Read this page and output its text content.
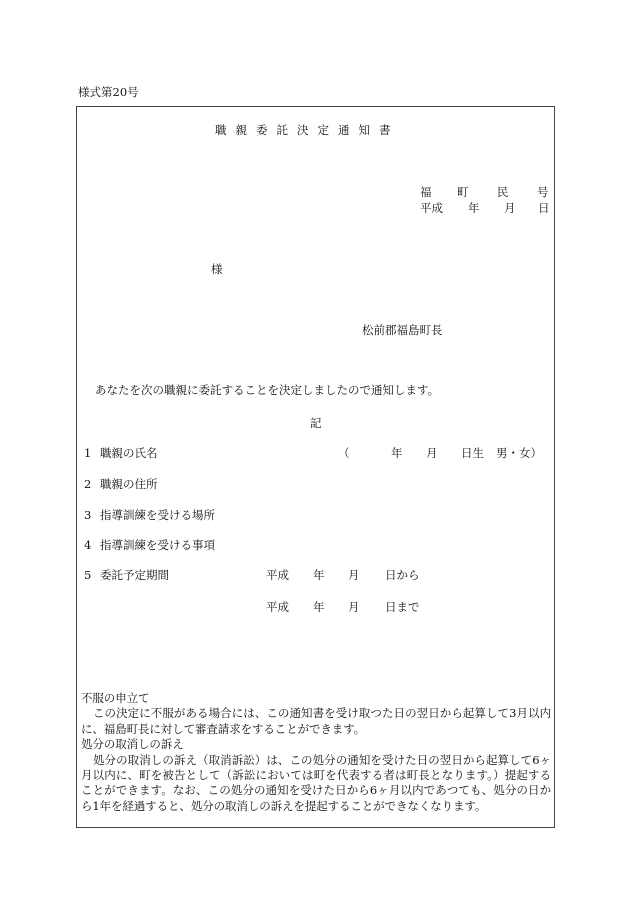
様式第20号
職親委託決定通知書
福 町 民 号
平成 年 月 日
様
松前郡福島町長
あなたを次の職親に委託することを決定しましたので通知します。
記
1 職親の氏名	（	年 月 日生 男・女）
2 職親の住所
3 指導訓練を受ける場所
4 指導訓練を受ける事項
5 委託予定期間	平成 年 月 日から
平成 年 月 日まで

不服の申立て

この決定に不服がある場合には、この通知書を受け取つた日の翌日から起算して3月以内に、福島町長に対して審査請求をすることができます。

処分の取消しの訴え

処分の取消しの訴え（取消訴訟）は、この処分の通知を受けた日の翌日から起算して6ヶ月以内に、町を被告として（訴訟においては町を代表する者は町長となります。）提起することができます。なお、この処分の通知を受けた日から6ヶ月以内であつても、処分の日から1年を経過すると、処分の取消しの訴えを提起することができなくなります。
